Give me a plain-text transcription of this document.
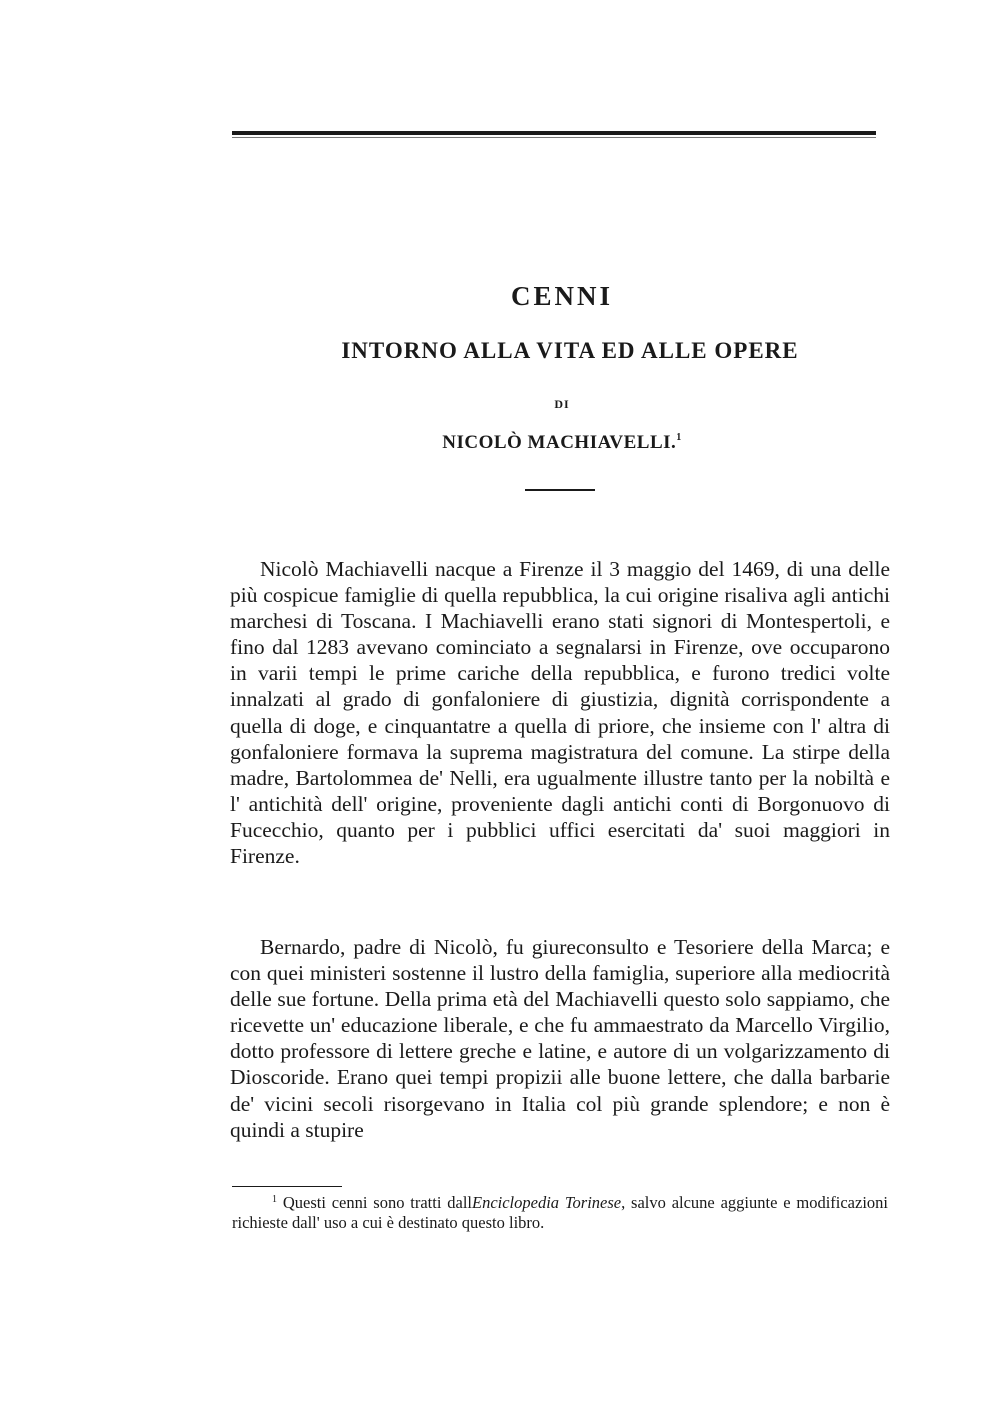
CENNI
INTORNO ALLA VITA ED ALLE OPERE
DI
NICOLÒ MACHIAVELLI.$^1$

Nicolò Machiavelli nacque a Firenze il 3 maggio del 1469, di una delle più cospicue famiglie di quella repubblica, la cui origine risaliva agli antichi marchesi di Toscana. I Machiavelli erano stati signori di Montespertoli, e fino dal 1283 avevano cominciato a segnalarsi in Firenze, ove occuparono in varii tempi le prime cariche della repubblica, e furono tredici volte innalzati al grado di gonfaloniere di giustizia, dignità corrispondente a quella di doge, e cinquantatre a quella di priore, che insieme con l' altra di gonfaloniere formava la suprema magistratura del comune. La stirpe della madre, Bartolommea de' Nelli, era ugualmente illustre tanto per la nobiltà e l' antichità dell' origine, proveniente dagli antichi conti di Borgonuovo di Fucecchio, quanto per i pubblici uffici esercitati da' suoi maggiori in Firenze.

Bernardo, padre di Nicolò, fu giureconsulto e Tesoriere della Marca; e con quei ministeri sostenne il lustro della famiglia, superiore alla mediocrità delle sue fortune. Della prima età del Machiavelli questo solo sappiamo, che ricevette un' educazione liberale, e che fu ammaestrato da Marcello Virgilio, dotto professore di lettere greche e latine, e autore di un volgarizzamento di Dioscoride. Erano quei tempi propizii alle buone lettere, che dalla barbarie de' vicini secoli risorgevano in Italia col più grande splendore; e non è quindi a stupire

$^1$ Questi cenni sono tratti dallEnciclopedia Torinese, salvo alcune aggiunte e modificazioni richieste dall' uso a cui è destinato questo libro.
